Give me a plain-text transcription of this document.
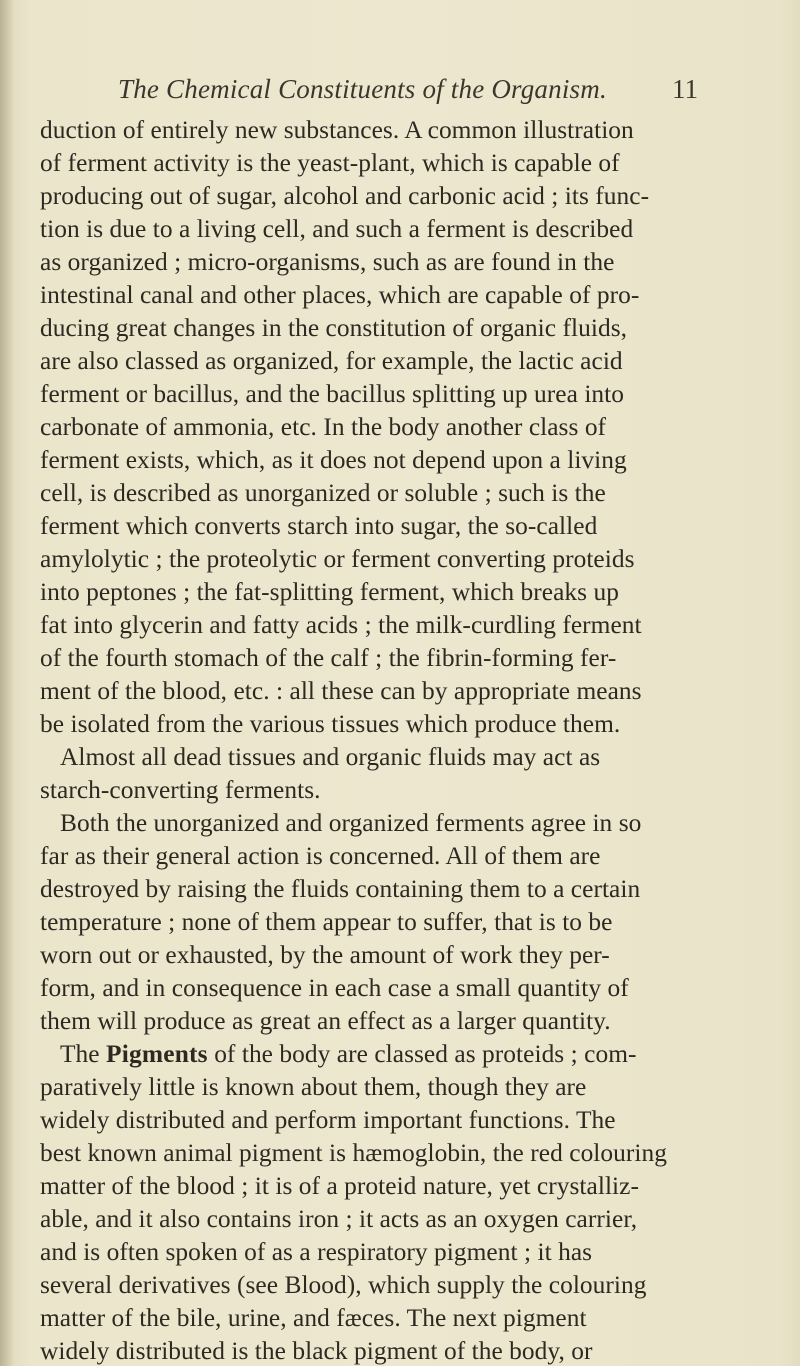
The Chemical Constituents of the Organism. 11
duction of entirely new substances. A common illustration
of ferment activity is the yeast-plant, which is capable of
producing out of sugar, alcohol and carbonic acid ; its func-
tion is due to a living cell, and such a ferment is described
as organized ; micro-organisms, such as are found in the
intestinal canal and other places, which are capable of pro-
ducing great changes in the constitution of organic fluids,
are also classed as organized, for example, the lactic acid
ferment or bacillus, and the bacillus splitting up urea into
carbonate of ammonia, etc. In the body another class of
ferment exists, which, as it does not depend upon a living
cell, is described as unorganized or soluble ; such is the
ferment which converts starch into sugar, the so-called
amylolytic ; the proteolytic or ferment converting proteids
into peptones ; the fat-splitting ferment, which breaks up
fat into glycerin and fatty acids ; the milk-curdling ferment
of the fourth stomach of the calf ; the fibrin-forming fer-
ment of the blood, etc. : all these can by appropriate means
be isolated from the various tissues which produce them.
Almost all dead tissues and organic fluids may act as
starch-converting ferments.
Both the unorganized and organized ferments agree in so
far as their general action is concerned. All of them are
destroyed by raising the fluids containing them to a certain
temperature ; none of them appear to suffer, that is to be
worn out or exhausted, by the amount of work they per-
form, and in consequence in each case a small quantity of
them will produce as great an effect as a larger quantity.
The Pigments of the body are classed as proteids ; com-
paratively little is known about them, though they are
widely distributed and perform important functions. The
best known animal pigment is hæmoglobin, the red colouring
matter of the blood ; it is of a proteid nature, yet crystalliz-
able, and it also contains iron ; it acts as an oxygen carrier,
and is often spoken of as a respiratory pigment ; it has
several derivatives (see Blood), which supply the colouring
matter of the bile, urine, and fæces. The next pigment
widely distributed is the black pigment of the body, or
